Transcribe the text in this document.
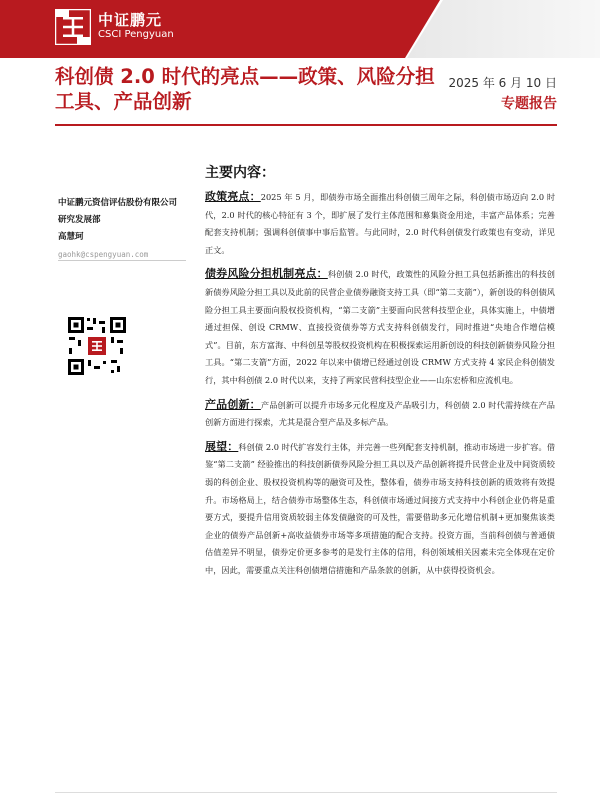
中证鹏元
CSCI Pengyuan
科创债 2.0 时代的亮点——政策、风险分担工具、产品创新
2025 年 6 月 10 日
专题报告
中证鹏元资信评估股份有限公司
研究发展部
高慧珂
gaohk@cspengyuan.com
主要内容：

政策亮点：2025 年 5 月，即债券市场全面推出科创债三周年之际，科创债市场迈向 2.0 时代，2.0 时代的核心特征有 3 个，即扩展了发行主体范围和募集资金用途，丰富产品体系；完善配套支持机制；强调科创债事中事后监管。与此同时，2.0 时代科创债发行政策也有变动，详见正文。

债券风险分担机制亮点：科创债 2.0 时代，政策性的风险分担工具包括新推出的科技创新债券风险分担工具以及此前的民营企业债券融资支持工具（即“第二支箭”），新创设的科创债风险分担工具主要面向股权投资机构，“第二支箭”主要面向民营科技型企业，具体实施上，中债增通过担保、创设 CRMW、直接投资债券等方式支持科创债发行，同时推进“央地合作增信模式”。目前，东方富海、中科创星等股权投资机构在积极探索运用新创设的科技创新债券风险分担工具。“第二支箭”方面，2022 年以来中债增已经通过创设 CRMW 方式支持 4 家民企科创债发行，其中科创债 2.0 时代以来，支持了两家民营科技型企业——山东宏桥和应流机电。

产品创新：产品创新可以提升市场多元化程度及产品吸引力，科创债 2.0 时代需持续在产品创新方面进行探索，尤其是混合型产品及多标产品。

展望：科创债 2.0 时代扩容发行主体，并完善一些列配套支持机制，推动市场进一步扩容。借鉴“第二支箭” 经验推出的科技创新债券风险分担工具以及产品创新将提升民营企业及中间资质较弱的科创企业、股权投资机构等的融资可及性，整体看，债券市场支持科技创新的质效将有效提升。市场格局上，结合债券市场整体生态，科创债市场通过间接方式支持中小科创企业仍将是重要方式，要提升信用资质较弱主体发债融资的可及性，需要借助多元化增信机制+更加聚焦该类企业的债券产品创新+高收益债券市场等多项措施的配合支持。投资方面，当前科创债与普通债估值差异不明显，债券定价更多参考的是发行主体的信用，科创领域相关因素未完全体现在定价中，因此，需要重点关注科创债增信措施和产品条款的创新，从中获得投资机会。
